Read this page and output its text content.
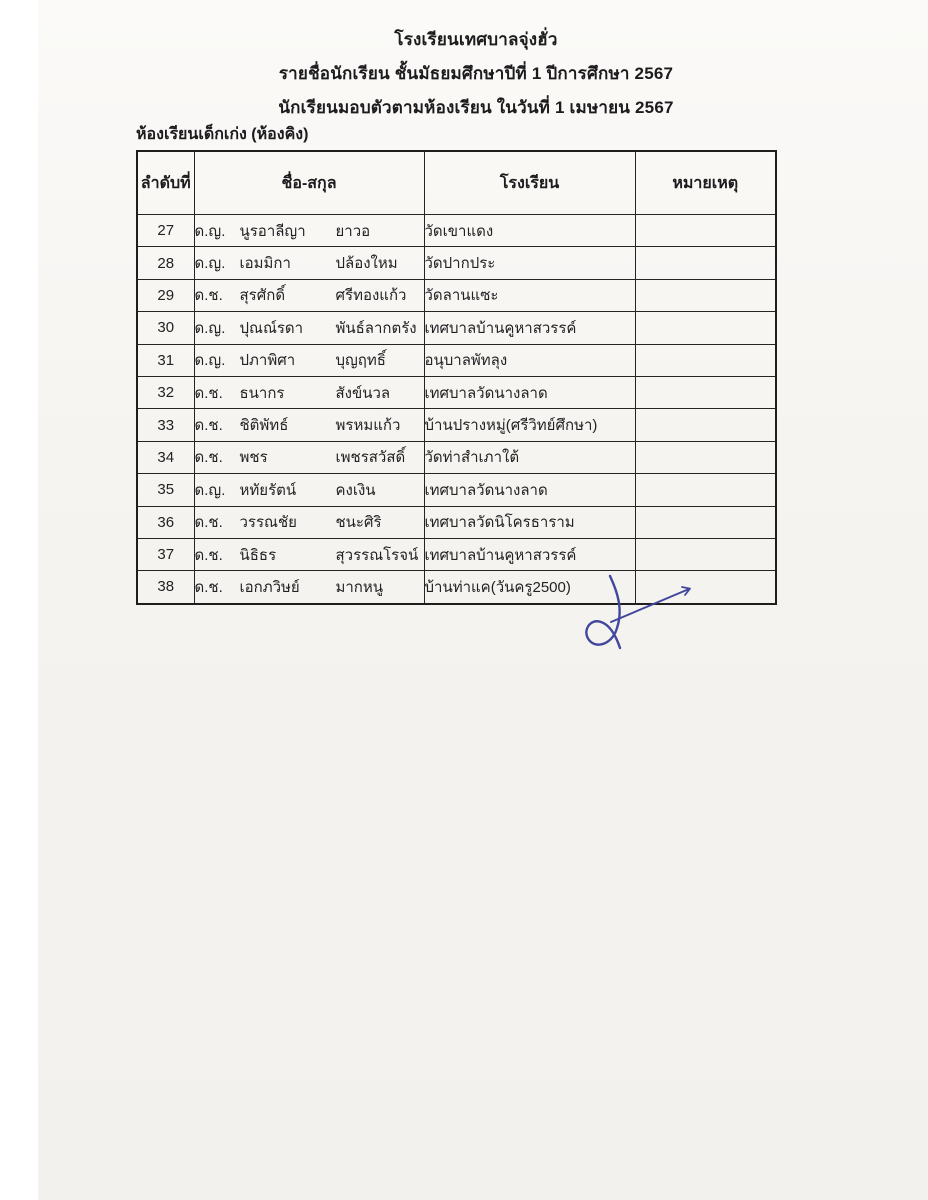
โรงเรียนเทศบาลจุ่งฮั่ว
รายชื่อนักเรียน ชั้นมัธยมศึกษาปีที่ 1 ปีการศึกษา 2567
นักเรียนมอบตัวตามห้องเรียน ในวันที่ 1 เมษายน 2567
ห้องเรียนเด็กเก่ง (ห้องคิง)
ลำดับที่	ชื่อ-สกุล	โรงเรียน	หมายเหตุ
27	ด.ญ. นูรอาลีญา ยาวอ	วัดเขาแดง	
28	ด.ญ. เอมมิกา ปล้องใหม	วัดปากประ	
29	ด.ช. สุรศักดิ์ ศรีทองแก้ว	วัดลานแซะ	
30	ด.ญ. ปุณณ์รดา พันธ์ลากตรัง	เทศบาลบ้านคูหาสวรรค์	
31	ด.ญ. ปภาพิศา บุญฤทธิ์	อนุบาลพัทลุง	
32	ด.ช. ธนากร สังข์นวล	เทศบาลวัดนางลาด	
33	ด.ช. ชิติพัทธ์ พรหมแก้ว	บ้านปรางหมู่(ศรีวิทย์ศึกษา)	
34	ด.ช. พชร เพชรสวัสดิ์	วัดท่าสำเภาใต้	
35	ด.ญ. หทัยรัตน์ คงเงิน	เทศบาลวัดนางลาด	
36	ด.ช. วรรณชัย ชนะศิริ	เทศบาลวัดนิโครธาราม	
37	ด.ช. นิธิธร สุวรรณโรจน์	เทศบาลบ้านคูหาสวรรค์	
38	ด.ช. เอกภวิษย์ มากหนู	บ้านท่าแค(วันครู2500)	
